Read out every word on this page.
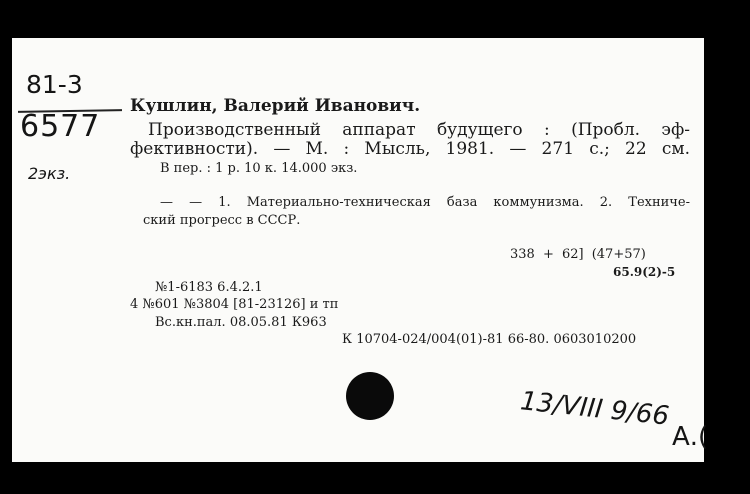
81-3
6577
2экз.
13/VIII 9/66
А.(
Кушлин, Валерий Иванович.
Производственный аппарат будущего : (Пробл. эф-
фективности). — М. : Мысль, 1981. — 271 с.; 22 см.
В пер. : 1 р. 10 к. 14.000 экз.
— — 1. Материально-техническая база коммунизма. 2. Техниче-
ский прогресс в СССР.
338 + 62] (47+57)
65.9(2)-5
№1-6183 6.4.2.1
4 №601 №3804 [81-23126] и тп
Вс.кн.пал. 08.05.81 К963
К 10704-024/004(01)-81 66-80. 0603010200
